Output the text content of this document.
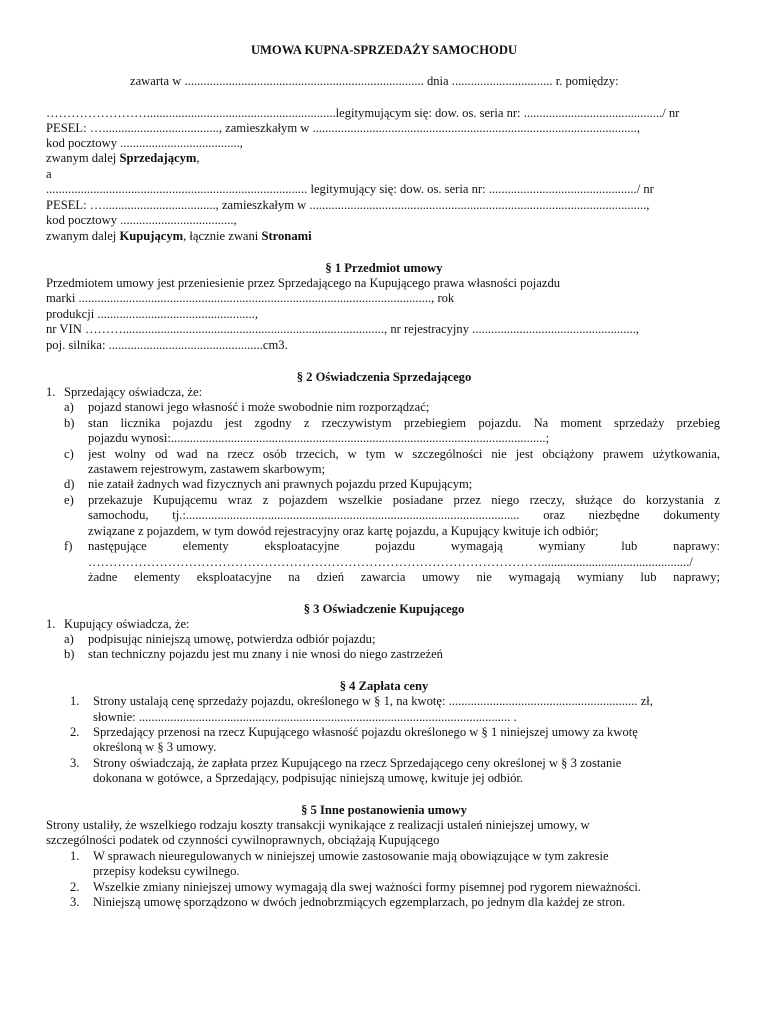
UMOWA KUPNA-SPRZEDAŻY SAMOCHODU
zawarta w ............................................................................ dnia ................................ r. pomiędzy:
……………………............................................................legitymującym się: dow. os. seria nr: ............................................/ nr
PESEL: …....................................., zamieszkałym w .......................................................................................................,
kod pocztowy ......................................,
zwanym dalej Sprzedającym,
a
................................................................................... legitymujący się: dow. os. seria nr: .............................................../ nr
PESEL: …...................................., zamieszkałym w ...........................................................................................................,
kod pocztowy ....................................,
zwanym dalej Kupującym, łącznie zwani Stronami
§ 1 Przedmiot umowy
Przedmiotem umowy jest przeniesienie przez Sprzedającego na Kupującego prawa własności pojazdu
marki ................................................................................................................, rok
produkcji ..................................................,
nr VIN ………..................................................................................., nr rejestracyjny ....................................................,
poj. silnika: .................................................cm3.
§ 2 Oświadczenia Sprzedającego
1. Sprzedający oświadcza, że:
a)	pojazd stanowi jego własność i może swobodnie nim rozporządzać;
b)	stan licznika pojazdu jest zgodny z rzeczywistym przebiegiem pojazdu. Na moment sprzedaży przebieg
pojazdu wynosi:.......................................................................................................................;
c)	jest wolny od wad na rzecz osób trzecich, w tym w szczególności nie jest obciążony prawem użytkowania,
zastawem rejestrowym, zastawem skarbowym;
d)	nie zataił żadnych wad fizycznych ani prawnych pojazdu przed Kupującym;
e)	przekazuje Kupującemu wraz z pojazdem wszelkie posiadane przez niego rzeczy, służące do korzystania z
samochodu, tj.:.......................................................................................................... oraz niezbędne dokumenty
związane z pojazdem, w tym dowód rejestracyjny oraz kartę pojazdu, a Kupujący kwituje ich odbiór;
f)	następujące elementy eksploatacyjne pojazdu wymagają wymiany lub naprawy:
……………………………………………………………………………………………….............................................../
żadne elementy eksploatacyjne na dzień zawarcia umowy nie wymagają wymiany lub naprawy;
§ 3 Oświadczenie Kupującego
1. Kupujący oświadcza, że:
a)	podpisując niniejszą umowę, potwierdza odbiór pojazdu;
b)	stan techniczny pojazdu jest mu znany i nie wnosi do niego zastrzeżeń
§ 4 Zapłata ceny
1.	Strony ustalają cenę sprzedaży pojazdu, określonego w § 1, na kwotę: ............................................................ zł,
słownie: ...................................................................................................................... .
2.	Sprzedający przenosi na rzecz Kupującego własność pojazdu określonego w § 1 niniejszej umowy za kwotę
określoną w § 3 umowy.
3.	Strony oświadczają, że zapłata przez Kupującego na rzecz Sprzedającego ceny określonej w § 3 zostanie
dokonana w gotówce, a Sprzedający, podpisując niniejszą umowę, kwituje jej odbiór.
§ 5 Inne postanowienia umowy
Strony ustaliły, że wszelkiego rodzaju koszty transakcji wynikające z realizacji ustaleń niniejszej umowy, w
szczególności podatek od czynności cywilnoprawnych, obciążają Kupującego
1.	W sprawach nieuregulowanych w niniejszej umowie zastosowanie mają obowiązujące w tym zakresie
przepisy kodeksu cywilnego.
2.	Wszelkie zmiany niniejszej umowy wymagają dla swej ważności formy pisemnej pod rygorem nieważności.
3.	Niniejszą umowę sporządzono w dwóch jednobrzmiących egzemplarzach, po jednym dla każdej ze stron.
